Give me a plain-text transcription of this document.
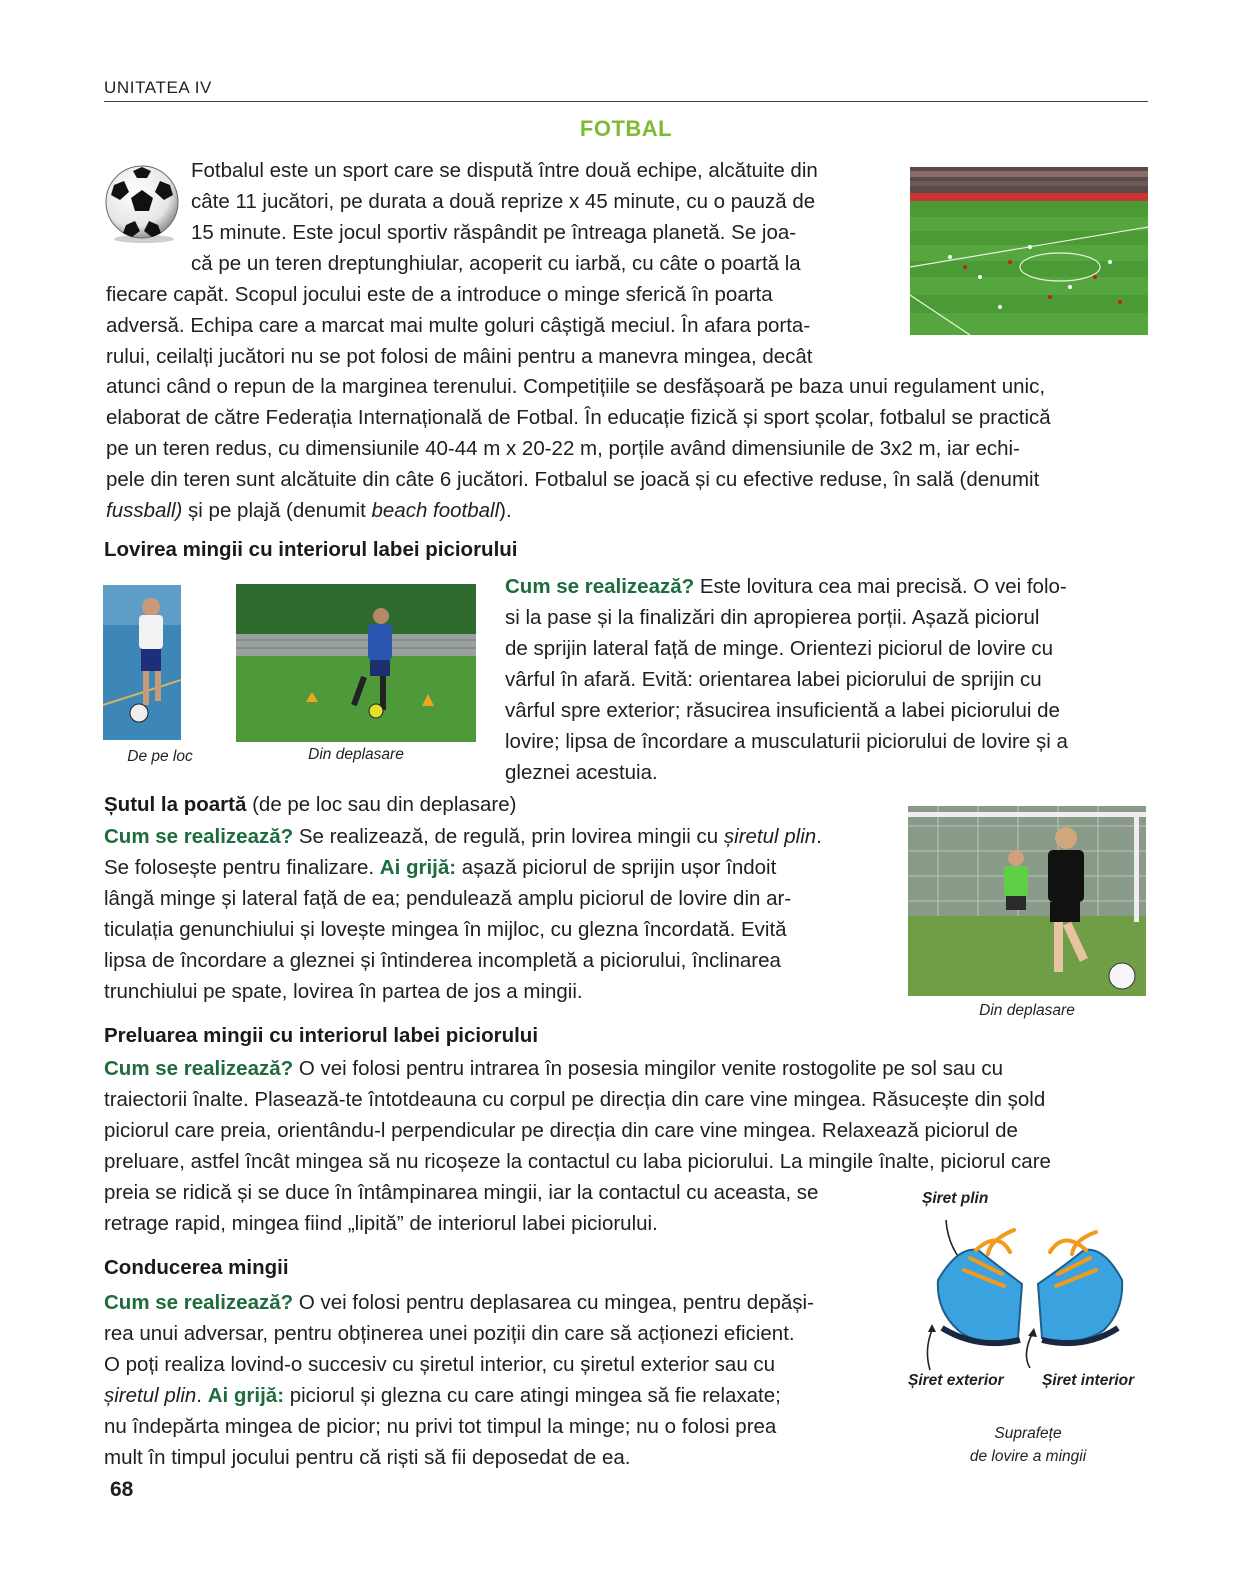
UNITATEA IV
FOTBAL
Fotbalul este un sport care se dispută între două echipe, alcătuite din
câte 11 jucători, pe durata a două reprize x 45 minute, cu o pauză de
15 minute. Este jocul sportiv răspândit pe întreaga planetă. Se joa-
că pe un teren dreptunghiular, acoperit cu iarbă, cu câte o poartă la
fiecare capăt. Scopul jocului este de a introduce o minge sferică în poarta
adversă. Echipa care a marcat mai multe goluri câștigă meciul. În afara porta-
rului, ceilalți jucători nu se pot folosi de mâini pentru a manevra mingea, decât
atunci când o repun de la marginea terenului. Competițiile se desfășoară pe baza unui regulament unic,
elaborat de către Federația Internațională de Fotbal. În educație fizică și sport școlar, fotbalul se practică
pe un teren redus, cu dimensiunile 40-44 m x 20-22 m, porțile având dimensiunile de 3x2 m, iar echi-
pele din teren sunt alcătuite din câte 6 jucători. Fotbalul se joacă și cu efective reduse, în sală (denumit
fussball) și pe plajă (denumit beach football).
Lovirea mingii cu interiorul labei piciorului
De pe loc	Din deplasare
Cum se realizează? Este lovitura cea mai precisă. O vei folo-
si la pase și la finalizări din apropierea porții. Așază piciorul
de sprijin lateral față de minge. Orientezi piciorul de lovire cu
vârful în afară. Evită: orientarea labei piciorului de sprijin cu
vârful spre exterior; răsucirea insuficientă a labei piciorului de
lovire; lipsa de încordare a musculaturii piciorului de lovire și a
gleznei acestuia.
Șutul la poartă (de pe loc sau din deplasare)
Cum se realizează? Se realizează, de regulă, prin lovirea mingii cu șiretul plin.
Se folosește pentru finalizare. Ai grijă: așază piciorul de sprijin ușor îndoit
lângă minge și lateral față de ea; pendulează amplu piciorul de lovire din ar-
ticulația genunchiului și lovește mingea în mijloc, cu glezna încordată. Evită
lipsa de încordare a gleznei și întinderea incompletă a piciorului, înclinarea
trunchiului pe spate, lovirea în partea de jos a mingii.
Din deplasare
Preluarea mingii cu interiorul labei piciorului
Cum se realizează? O vei folosi pentru intrarea în posesia mingilor venite rostogolite pe sol sau cu
traiectorii înalte. Plasează-te întotdeauna cu corpul pe direcția din care vine mingea. Răsucește din șold
piciorul care preia, orientându-l perpendicular pe direcția din care vine mingea. Relaxează piciorul de
preluare, astfel încât mingea să nu ricoșeze la contactul cu laba piciorului. La mingile înalte, piciorul care
preia se ridică și se duce în întâmpinarea mingii, iar la contactul cu aceasta, se
retrage rapid, mingea fiind „lipită” de interiorul labei piciorului.
Conducerea mingii
Cum se realizează? O vei folosi pentru deplasarea cu mingea, pentru depăși-
rea unui adversar, pentru obținerea unei poziții din care să acționezi eficient.
O poți realiza lovind-o succesiv cu șiretul interior, cu șiretul exterior sau cu
șiretul plin. Ai grijă: piciorul și glezna cu care atingi mingea să fie relaxate;
nu îndepărta mingea de picior; nu privi tot timpul la minge; nu o folosi prea
mult în timpul jocului pentru că riști să fii deposedat de ea.
Șiret plin
Șiret exterior Șiret interior
Suprafețe
de lovire a mingii
68
